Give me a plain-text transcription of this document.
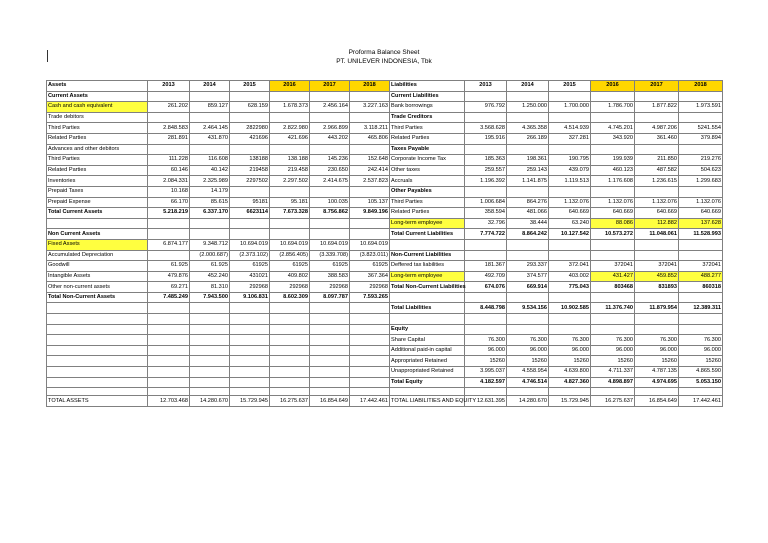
Proforma Balance Sheet
PT. UNILEVER INDONESIA, Tbk
Assets	2013	2014	2015	2016	2017	2018	Liabilities	2013	2014	2015	2016	2017	2018
Current Assets							Current Liabilities						
Cash and cash equivalent	261.202	859.127	628.159	1.678.373	2.456.164	3.227.163	Bank borrowings	976.792	1.250.000	1.700.000	1.786.700	1.877.822	1.973.591
Trade debitors							Trade Creditors						
Third Parties	2.848.583	2.464.145	2822980	2.822.980	2.966.899	3.118.211	Third Parties	3.568.628	4.365.358	4.514.939	4.745.201	4.987.206	5241.554
Related Parties	281.891	431.870	421696	421.696	443.202	465.806	Related Parties	195.916	266.189	327.281	343.920	361.460	379.894
Advances and other debitors							Taxes Payable						
Third Parties	111.228	116.608	138188	138.188	145.236	152.648	Corporate Income Tax	185.363	198.361	190.795	199.939	211.850	219.276
Related Parties	60.146	40.142	219458	219.458	230.650	242.414	Other taxes	259.557	259.143	439.079	460.123	487.582	504.623
Inventories	2.084.331	2.325.989	2297502	2.297.502	2.414.675	2.537.823	Accruals	1.196.392	1.141.875	1.119.513	1.176.608	1.236.615	1.299.683
Prepaid Taxes	10.168	14.179					Other Payables						
Prepaid Expense	66.170	85.615	95181	95.181	100.035	105.137	Third Parties	1.006.684	864.276	1.132.076	1.132.076	1.132.076	1.132.076
Total Current Assets	5.218.219	6.337.170	6623114	7.673.328	8.756.862	9.849.196	Related Parties	358.594	481.066	640.669	640.669	640.669	640.669
							Long-term employee	32.796	38.444	63.240	88.086	112.882	137.628
Non Current Assets							Total Current Liabilities	7.774.722	8.864.242	10.127.542	10.573.272	11.048.061	11.528.993
Fixed Assets	6.874.177	9.348.712	10.694.019	10.694.019	10.694.019	10.694.019							
Accumulated Depreciation		(2.000.687)	(2.373.102)	(2.856.405)	(3.339.708)	(3.823.011)	Non-Current Liabilities						
Goodwill	61.925	61.925	61925	61925	61925	61925	Deffered tax liabilities	181.367	293.337	372.041	372041	372041	372041
Intangible Assets	479.876	452.240	431021	409.802	388.583	367.364	Long-term employee	492.709	374.577	403.002	431.427	459.852	488.277
Other non-current assets	69.271	81.310	292968	292968	292968	292968	Total Non-Current Liabilities	674.076	669.914	775.043	803468	831893	860318
Total Non-Current Assets	7.485.249	7.943.500	9.106.831	8.602.309	8.097.787	7.593.265							
							Total Liabilities	8.448.798	9.534.156	10.902.585	11.376.740	11.879.954	12.389.311

							Equity						
							Share Capital	76.300	76.300	76.300	76.300	76.300	76.300
							Additional paid-in capital	96.000	96.000	96.000	96.000	96.000	96.000
							Appropriated Retained	15260	15260	15260	15260	15260	15260
							Unappropriated Retained	3.995.037	4.558.954	4.639.800	4.711.337	4.787.135	4.865.590
							Total Equity	4.182.597	4.746.514	4.827.360	4.898.897	4.974.695	5.053.150

TOTAL ASSETS	12.703.468	14.280.670	15.729.945	16.275.637	16.854.649	17.442.461	TOTAL LIABILITIES AND EQUITY	12.631.395	14.280.670	15.729.945	16.275.637	16.854.649	17.442.461
